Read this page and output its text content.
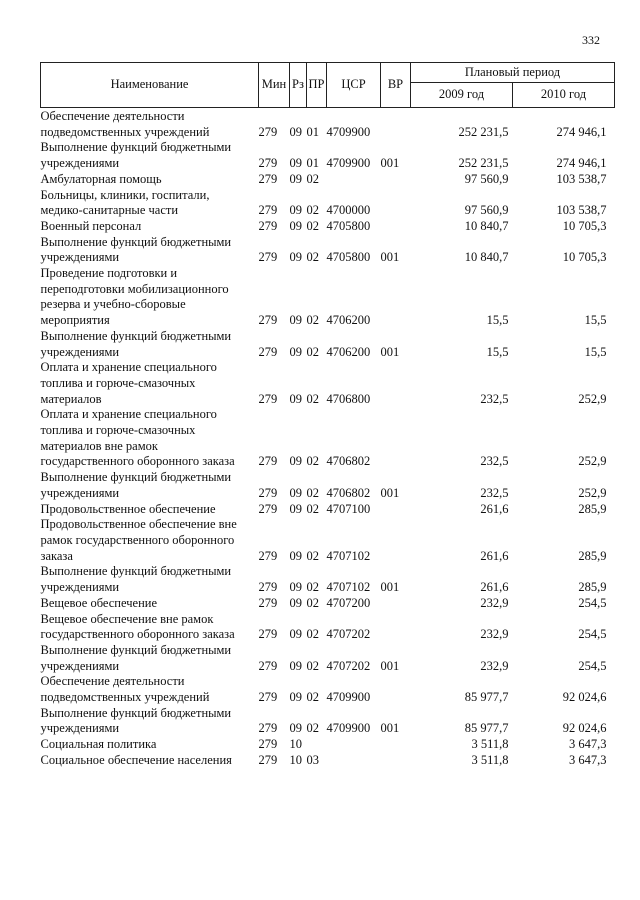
332
Наименование	Мин	Рз	ПР	ЦСР	ВР	Плановый период	
						2009 год	2010 год
Обеспечение деятельности подведомственных учреждений	279	09	01	4709900		252 231,5	274 946,1
Выполнение функций бюджетными учреждениями	279	09	01	4709900	001	252 231,5	274 946,1
Амбулаторная помощь	279	09	02			97 560,9	103 538,7
Больницы, клиники, госпитали, медико-санитарные части	279	09	02	4700000		97 560,9	103 538,7
Военный персонал	279	09	02	4705800		10 840,7	10 705,3
Выполнение функций бюджетными учреждениями	279	09	02	4705800	001	10 840,7	10 705,3
Проведение подготовки и переподготовки мобилизационного резерва и учебно-сборовые мероприятия	279	09	02	4706200		15,5	15,5
Выполнение функций бюджетными учреждениями	279	09	02	4706200	001	15,5	15,5
Оплата и хранение специального топлива и горюче-смазочных материалов	279	09	02	4706800		232,5	252,9
Оплата и хранение специального топлива и горюче-смазочных материалов вне рамок государственного оборонного заказа	279	09	02	4706802		232,5	252,9
Выполнение функций бюджетными учреждениями	279	09	02	4706802	001	232,5	252,9
Продовольственное обеспечение	279	09	02	4707100		261,6	285,9
Продовольственное обеспечение вне рамок государственного оборонного заказа	279	09	02	4707102		261,6	285,9
Выполнение функций бюджетными учреждениями	279	09	02	4707102	001	261,6	285,9
Вещевое обеспечение	279	09	02	4707200		232,9	254,5
Вещевое обеспечение вне рамок государственного оборонного заказа	279	09	02	4707202		232,9	254,5
Выполнение функций бюджетными учреждениями	279	09	02	4707202	001	232,9	254,5
Обеспечение деятельности подведомственных учреждений	279	09	02	4709900		85 977,7	92 024,6
Выполнение функций бюджетными учреждениями	279	09	02	4709900	001	85 977,7	92 024,6
Социальная политика	279	10				3 511,8	3 647,3
Социальное обеспечение населения	279	10	03			3 511,8	3 647,3
